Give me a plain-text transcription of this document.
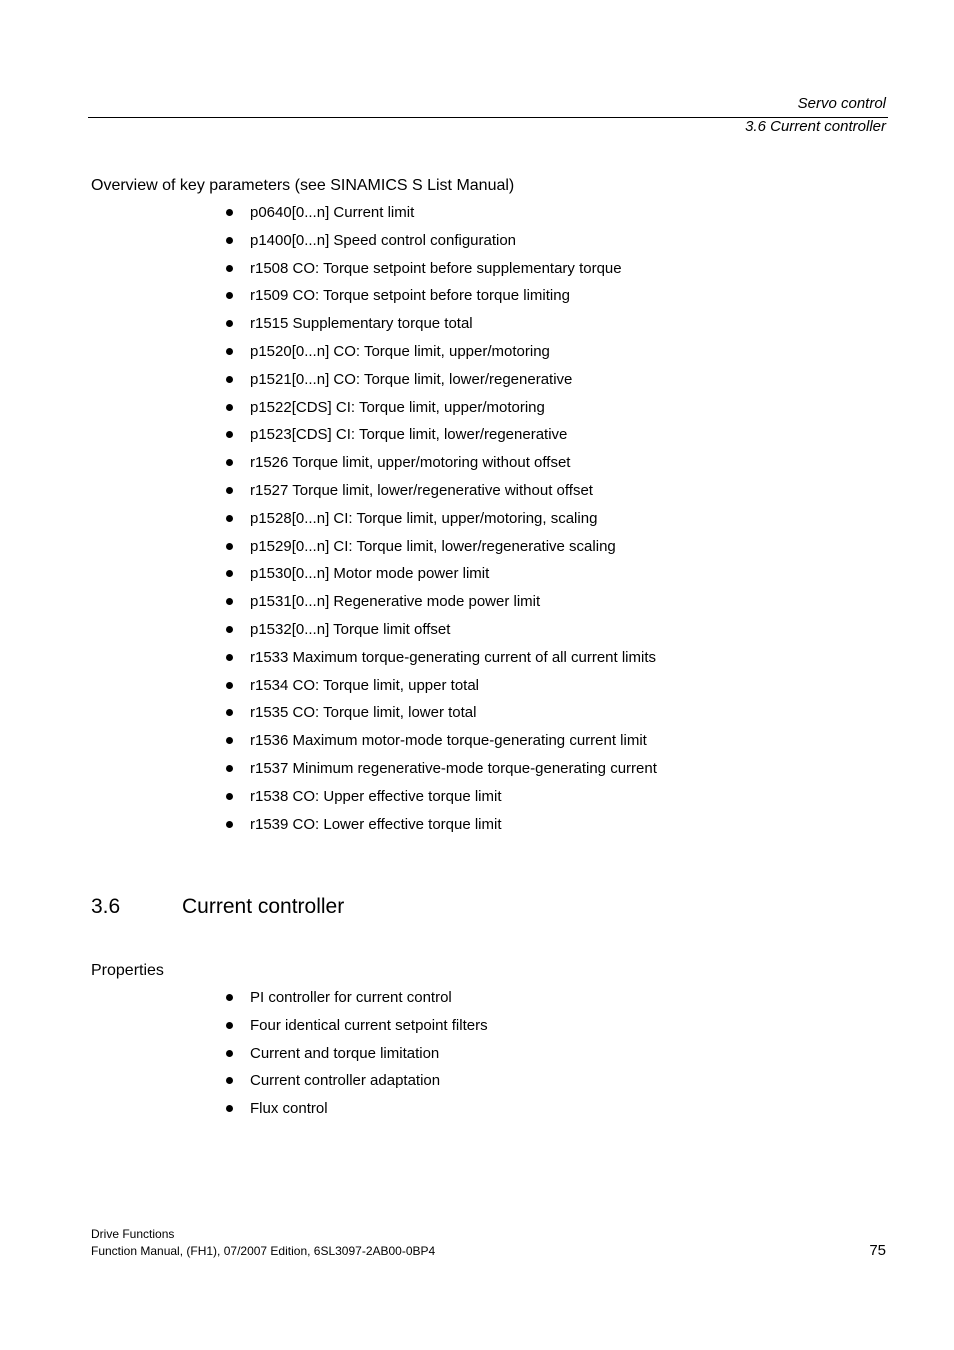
Servo control
3.6 Current controller
Overview of key parameters (see SINAMICS S List Manual)
p0640[0...n] Current limit
p1400[0...n] Speed control configuration
r1508 CO: Torque setpoint before supplementary torque
r1509 CO: Torque setpoint before torque limiting
r1515 Supplementary torque total
p1520[0...n] CO: Torque limit, upper/motoring
p1521[0...n] CO: Torque limit, lower/regenerative
p1522[CDS] CI: Torque limit, upper/motoring
p1523[CDS] CI: Torque limit, lower/regenerative
r1526 Torque limit, upper/motoring without offset
r1527 Torque limit, lower/regenerative without offset
p1528[0...n] CI: Torque limit, upper/motoring, scaling
p1529[0...n] CI: Torque limit, lower/regenerative scaling
p1530[0...n] Motor mode power limit
p1531[0...n] Regenerative mode power limit
p1532[0...n] Torque limit offset
r1533 Maximum torque-generating current of all current limits
r1534 CO: Torque limit, upper total
r1535 CO: Torque limit, lower total
r1536 Maximum motor-mode torque-generating current limit
r1537 Minimum regenerative-mode torque-generating current
r1538 CO: Upper effective torque limit
r1539 CO: Lower effective torque limit
3.6	Current controller
Properties
PI controller for current control
Four identical current setpoint filters
Current and torque limitation
Current controller adaptation
Flux control
Drive Functions
Function Manual, (FH1), 07/2007 Edition, 6SL3097-2AB00-0BP4	75
